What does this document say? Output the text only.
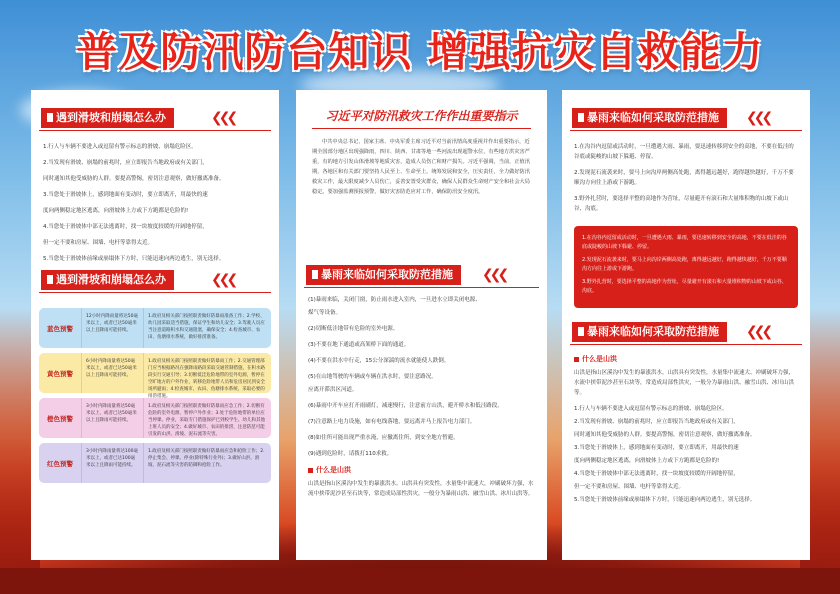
普及防汛防台知识 增强抗灾自救能力
遇到滑坡和崩塌怎么办	❮❮❮

1.行人与车辆不要进入或逗留有警示标志的滑坡、崩塌危险区。

2.当发现有滑坡、崩塌的前兆时，应立即报告当地政府或有关部门，

同时通知其他受威胁的人群。要提高警惕，密切注意观察，做好撤离准备。

3.当您处于滑坡体上，感到地面有变动时，要立即离开，用最快的速

度向两侧稳定地区逃离，向滑坡体上方或下方跑都是危险的!

4.当您处于滑坡体中部无法逃离时，找一块坡度较缓的开阔地停留，

但一定不要和房屋、围墙、电杆等靠得太近。

5.当您处于滑坡体前缘或崩塌体下方时，只能迅速向两边逃生，别无选择。

遇到滑坡和崩塌怎么办	❮❮❮
蓝色预警
12小时内降雨量将达50毫米以上，或者已达50毫米以上且降雨可能持续。
1.政府及相关部门按照职责做好防暴雨准备工作；2.学校、幼儿园采取适当措施，保证学生和幼儿安全；3.驾驶人员应当注意道路积水和交通阻塞，确保安全；4.检查城市、农田、鱼塘排水系统，做好排涝准备。
黄色预警
6小时内降雨量将达50毫米以上，或者已达50毫米以上且降雨可能持续。
1.政府及相关部门按照职责做好防暴雨工作；2.交通管理部门应当根据路况在强降雨路段采取交通管制措施，在积水路段实行交通引导；3.切断低洼危险地带的室外电源，暂停在空旷地方的户外作业，转移危险地带人员和危房居民到安全场所避雨；4.检查城市、农田、鱼塘排水系统，采取必要的排涝措施。
橙色预警
3小时内降雨量将达50毫米以上，或者已达50毫米以上且降雨可能持续。
1.政府及相关部门按照职责做好防暴雨应急工作；2.切断有危险的室外电源，暂停户外作业；3.处于危险地带的单位应当停课、停业，采取专门措施保护已到校学生、幼儿和其他上班人员的安全；4.做好城市、农田的排涝，注意防范可能引发的山洪、滑坡、泥石流等灾害。
红色预警
3小时内降雨量将达100毫米以上，或者已达100毫米以上且降雨可能持续。
1.政府及相关部门按照职责做好防暴雨应急和抢险工作；2.停止集会、停课、停业(除特殊行业外)；3.做好山洪、滑坡、泥石流等灾害的防御和抢险工作。
习近平对防汛救灾工作作出重要指示
中共中央总书记、国家主席、中央军委主席习近平对当前汛情高度重视并作出重要指示，近期全国部分地区出现强降雨，四川、陕西、甘肃等地一些河流出现超警水位，有些地方洪灾害严重，有的地方引发山体滑坡等地质灾害，造成人员伤亡和财产损失。习近平强调，当前，正值汛期，各地区和有关部门要坚持人民至上、生命至上，统筹发展和安全，压实责任，全力做好防汛救灾工作，最大限度减少人员伤亡，妥善安置受灾群众，确保人民群众生命财产安全和社会大局稳定。要加强监测预报预警，做好灾害防范应对工作，确保防汛安全度汛。
暴雨来临如何采取防范措施	❮❮❮

(1)暴雨来临，关闭门窗，防止雨水进入室内，一旦进水立即关闭电源、

煤气等设备。

(2)切断低洼地带有危险的室外电源。

(3)不要在地下通道或高架桥下面的通道。

(4)不要在洪水中行走，15公分深湍的流水就能使人跌倒。

(5)在山地驾驶的车辆或车辆在洪水时，要注意路况。

应离开滞洪区河道。

(6)暴雨中开车应打开雨刷灯，减速慢行，注意前方山洪，避开桥水和低洼路段。

(7)注意路上电力设施，如有电线落地，要远离并马上报告电力部门。

(8)如住所可能出现严重水淹，应撤离住所，到安全地方暂避。

(9)遇到危险时，请拨打110求救。

什么是山洪
山洪是指山区溪沟中发生的暴涨洪水。山洪具有突发性，水量集中流速大，冲刷破坏力强，水流中挟带泥沙甚至石块等，常造成局部性洪灾，一般分为暴雨山洪、融雪山洪、冰川山洪等。
暴雨来临如何采取防范措施	❮❮❮

1.在沟谷内逗留或活动时，一旦遭遇大雨、暴雨，要迅速转移到安全的高地，不要在低洼的谷底或陡峻的山坡下躲避、停留。

2.发现泥石流袭来时，要马上向沟岸两侧高处跑，离得越远越好，跑得越快越好，千万不要顺沟方向往上游或下游跑。

3.野外扎营时，要选择平整的高地作为营址，尽量避开有滚石和大量堆积物的山坡下或山谷、沟底。

1.在沟谷内逗留或活动时，一旦遭遇大雨、暴雨，要迅速转移到安全的高地，不要在低洼的谷底或陡峻的山坡下躲避、停留。

2.发现泥石流袭来时，要马上向沟岸两侧高处跑，离得越远越好，跑得越快越好，千万不要顺沟方向往上游或下游跑。

3.野外扎营时，要选择平整的高地作为营址，尽量避开有滚石和大量堆积物的山坡下或山谷、沟底。

暴雨来临如何采取防范措施	❮❮❮
什么是山洪
山洪是指山区溪沟中发生的暴涨洪水。山洪具有突发性，水量集中流速大、冲刷破坏力强，水流中挟带泥沙甚至石块等，常造成局部性洪灾，一般分为暴雨山洪、融雪山洪、冰川山洪等。

1.行人与车辆不要进入或逗留有警示标志的滑坡、崩塌危险区。

2.当发现有滑坡、崩塌的前兆时，应立即报告当地政府或有关部门，

同时通知其他受威胁的人群。要提高警惕，密切注意观察，做好撤离准备。

3.当您处于滑坡体上，感到地面有变动时，要立即离开，用最快的速

度向两侧稳定地区逃离，向滑坡体上方或下方跑都是危险的!

4.当您处于滑坡体中部无法逃离时，找一块坡度较缓的开阔地停留，

但一定不要和房屋、围墙、电杆等靠得太近。

5.当您处于滑坡体前缘或崩塌体下方时，只能迅速向两边逃生，别无选择。
